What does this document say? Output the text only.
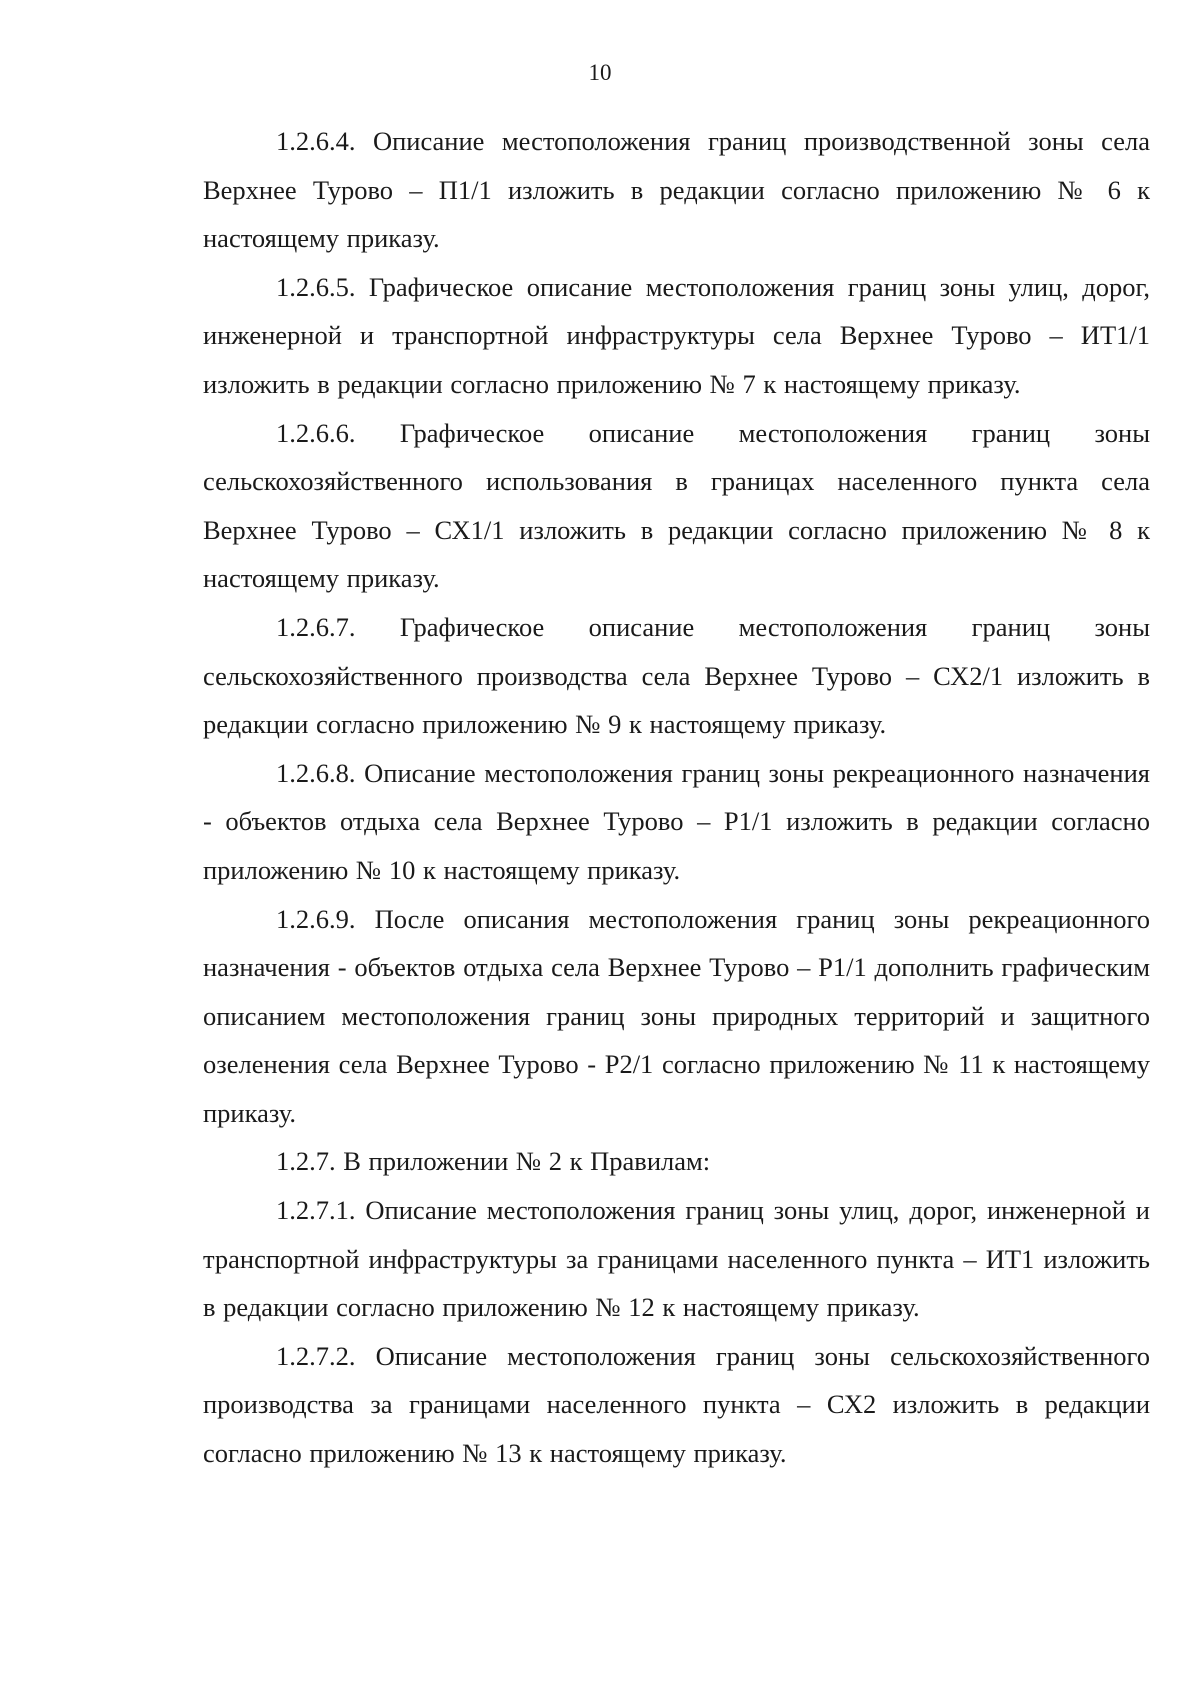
10

1.2.6.4. Описание местоположения границ производственной зоны села Верхнее Турово – П1/1 изложить в редакции согласно приложению № 6 к настоящему приказу.

1.2.6.5. Графическое описание местоположения границ зоны улиц, дорог, инженерной и транспортной инфраструктуры села Верхнее Турово – ИТ1/1 изложить в редакции согласно приложению № 7 к настоящему приказу.

1.2.6.6. Графическое описание местоположения границ зоны сельскохозяйственного использования в границах населенного пункта села Верхнее Турово – СХ1/1 изложить в редакции согласно приложению № 8 к настоящему приказу.

1.2.6.7. Графическое описание местоположения границ зоны сельскохозяйственного производства села Верхнее Турово – СХ2/1 изложить в редакции согласно приложению № 9 к настоящему приказу.

1.2.6.8. Описание местоположения границ зоны рекреационного назначения - объектов отдыха села Верхнее Турово – Р1/1 изложить в редакции согласно приложению № 10 к настоящему приказу.

1.2.6.9. После описания местоположения границ зоны рекреационного назначения - объектов отдыха села Верхнее Турово – Р1/1 дополнить графическим описанием местоположения границ зоны природных территорий и защитного озеленения села Верхнее Турово - Р2/1 согласно приложению № 11 к настоящему приказу.

1.2.7. В приложении № 2 к Правилам:

1.2.7.1. Описание местоположения границ зоны улиц, дорог, инженерной и транспортной инфраструктуры за границами населенного пункта – ИТ1 изложить в редакции согласно приложению № 12 к настоящему приказу.

1.2.7.2. Описание местоположения границ зоны сельскохозяйственного производства за границами населенного пункта – СХ2 изложить в редакции согласно приложению № 13 к настоящему приказу.
